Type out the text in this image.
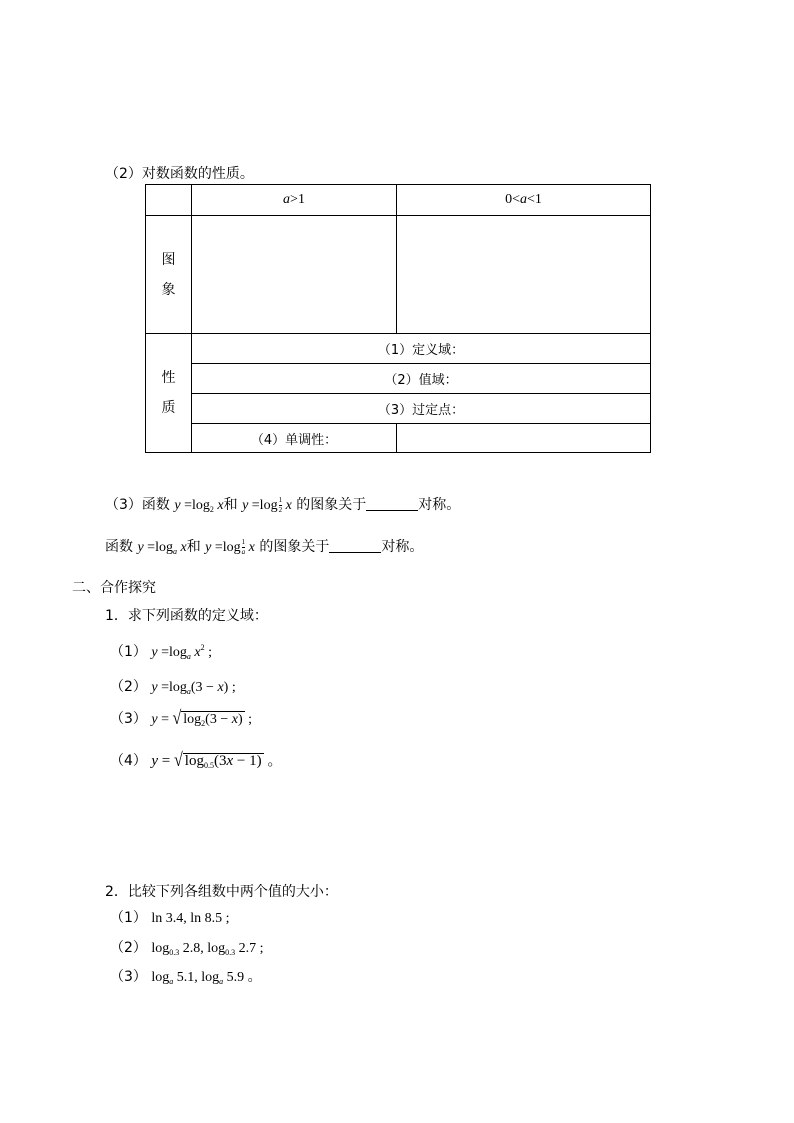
（2）对数函数的性质。
	a>1	0<a<1

图
象		

性
质	（1）定义域：	
	（2）值域：	
	（3）过定点：	
	（4）单调性：	
（3）函数 $y =\log_2$ x和 $y =\log \frac{1}{2}$ x 的图象关于	对称。
函数 $y =\log_a$ x和 $y =\log \frac{1}{a}$ x 的图象关于	对称。
二、合作探究
1．求下列函数的定义域：
（1） $y =\log_a$ $x^2$ ;
（2） $y =\log_a(3 - x)$ ;
（3） y = √ $\log_2(3 - x)$ ;
（4） y = √ $\log_{0.5}(3x - 1)$ 。
2．比较下列各组数中两个值的大小：
（1） ln 3.4, ln 8.5 ;
（2） $\log_{0.3} 2.8$, $\log_{0.3} 2.7$ ;
（3） $\log_a 5.1$, $\log_a 5.9$ 。
